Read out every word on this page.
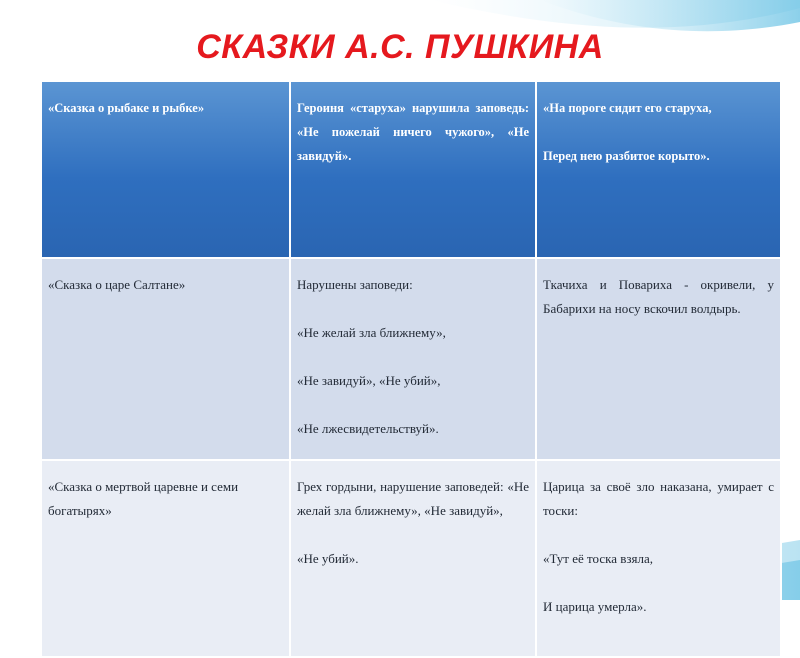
СКАЗКИ А.С. ПУШКИНА
«Сказка о рыбаке и рыбке»	Героиня «старуха» нарушила заповедь: «Не пожелай ничего чужого», «Не завидуй».	«На пороге сидит его старуха,
Перед нею разбитое корыто».

«Сказка о царе Салтане»	Нарушены заповеди:
«Не желай зла ближнему»,
«Не завидуй», «Не убий»,
«Не лжесвидетельствуй».	Ткачиха и Повариха - окривели, у Бабарихи на носу вскочил волдырь.

«Сказка о мертвой царевне и семи богатырях»	Грех гордыни, нарушение заповедей: «Не желай зла ближнему», «Не завидуй»,
«Не убий».	Царица за своё зло наказана, умирает с тоски:
«Тут её тоска взяла,
И царица умерла».
